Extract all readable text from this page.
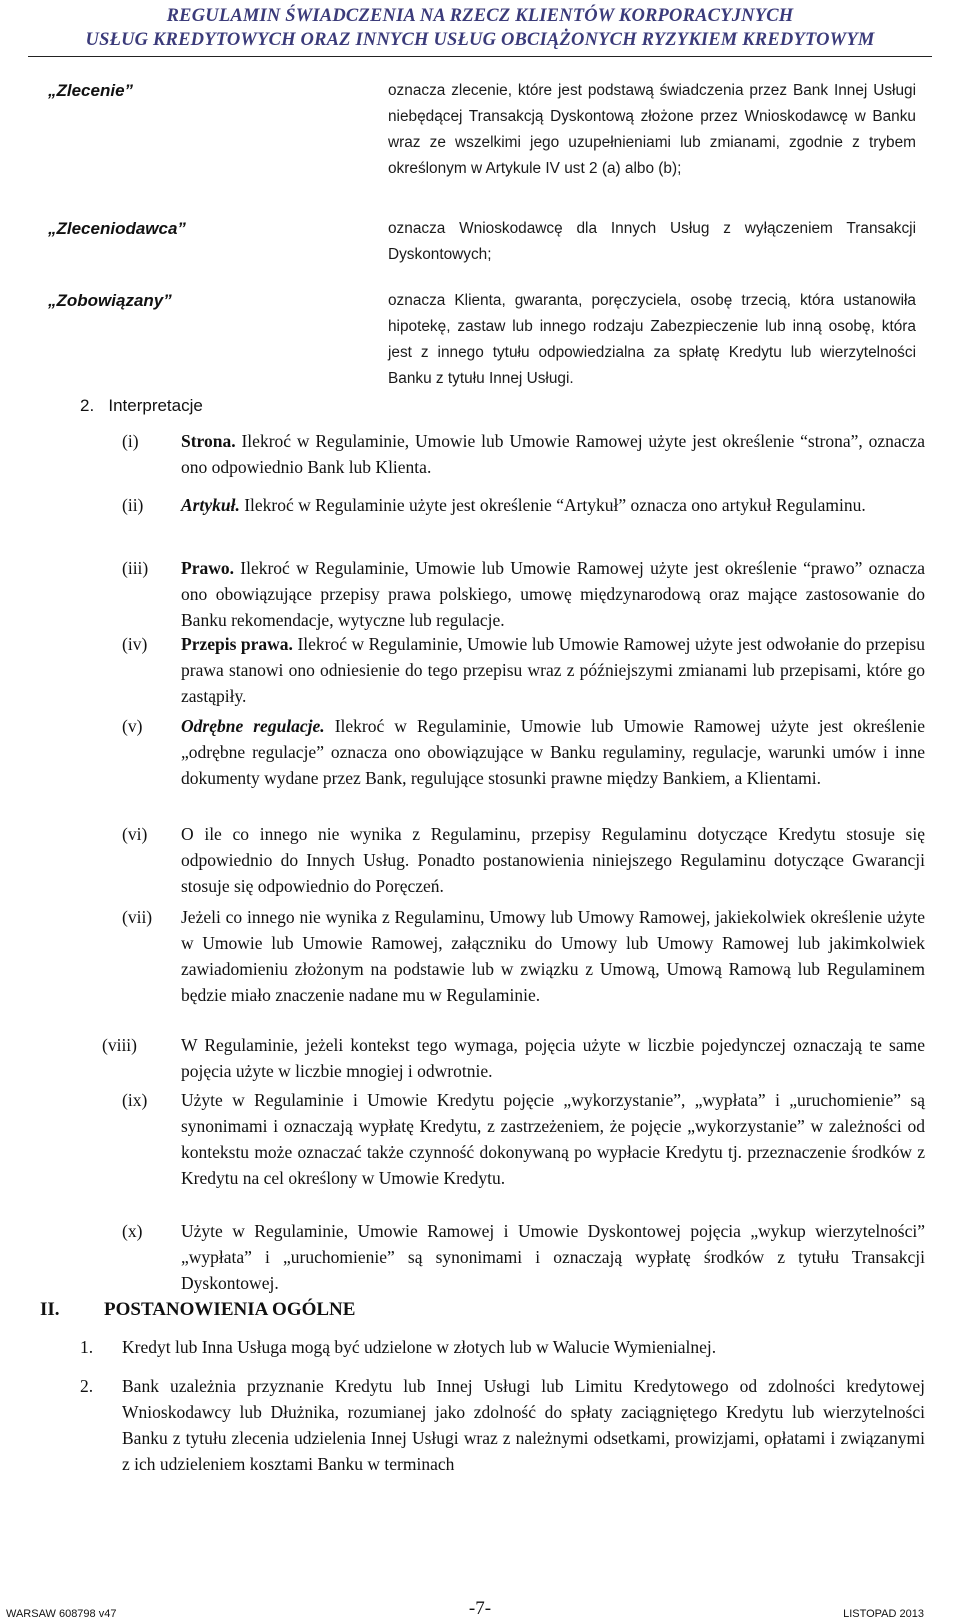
REGULAMIN ŚWIADCZENIA NA RZECZ KLIENTÓW KORPORACYJNYCH
USŁUG KREDYTOWYCH ORAZ INNYCH USŁUG OBCIĄŻONYCH RYZYKIEM KREDYTOWYM
„Zlecenie”	oznacza zlecenie, które jest podstawą świadczenia przez Bank Innej Usługi niebędącej Transakcją Dyskontową złożone przez Wnioskodawcę w Banku wraz ze wszelkimi jego uzupełnieniami lub zmianami, zgodnie z trybem określonym w Artykule IV ust 2 (a) albo (b);
„Zleceniodawca”	oznacza Wnioskodawcę dla Innych Usług z wyłączeniem Transakcji Dyskontowych;
„Zobowiązany”	oznacza Klienta, gwaranta, poręczyciela, osobę trzecią, która ustanowiła hipotekę, zastaw lub innego rodzaju Zabezpieczenie lub inną osobę, która jest z innego tytułu odpowiedzialna za spłatę Kredytu lub wierzytelności Banku z tytułu Innej Usługi.
2.   Interpretacje
(i) Strona. Ilekroć w Regulaminie, Umowie lub Umowie Ramowej użyte jest określenie “strona”, oznacza ono odpowiednio Bank lub Klienta.
(ii) Artykuł. Ilekroć w Regulaminie użyte jest określenie “Artykuł” oznacza ono artykuł Regulaminu.
(iii) Prawo. Ilekroć w Regulaminie, Umowie lub Umowie Ramowej użyte jest określenie “prawo” oznacza ono obowiązujące przepisy prawa polskiego, umowę międzynarodową oraz mające zastosowanie do Banku rekomendacje, wytyczne lub regulacje.
(iv) Przepis prawa. Ilekroć w Regulaminie, Umowie lub Umowie Ramowej użyte jest odwołanie do przepisu prawa stanowi ono odniesienie do tego przepisu wraz z późniejszymi zmianami lub przepisami, które go zastąpiły.
(v) Odrębne regulacje. Ilekroć w Regulaminie, Umowie lub Umowie Ramowej użyte jest określenie „odrębne regulacje” oznacza ono obowiązujące w Banku regulaminy, regulacje, warunki umów i inne dokumenty wydane przez Bank, regulujące stosunki prawne między Bankiem, a Klientami.
(vi) O ile co innego nie wynika z Regulaminu, przepisy Regulaminu dotyczące Kredytu stosuje się odpowiednio do Innych Usług. Ponadto postanowienia niniejszego Regulaminu dotyczące Gwarancji stosuje się odpowiednio do Poręczeń.
(vii) Jeżeli co innego nie wynika z Regulaminu, Umowy lub Umowy Ramowej, jakiekolwiek określenie użyte w Umowie lub Umowie Ramowej, załączniku do Umowy lub Umowy Ramowej lub jakimkolwiek zawiadomieniu złożonym na podstawie lub w związku z Umową, Umową Ramową lub Regulaminem będzie miało znaczenie nadane mu w Regulaminie.
(viii)	W Regulaminie, jeżeli kontekst tego wymaga, pojęcia użyte w liczbie pojedynczej oznaczają te same pojęcia użyte w liczbie mnogiej i odwrotnie.
(ix) Użyte w Regulaminie i Umowie Kredytu pojęcie „wykorzystanie”, „wypłata” i „uruchomienie” są synonimami i oznaczają wypłatę Kredytu, z zastrzeżeniem, że pojęcie „wykorzystanie” w zależności od kontekstu może oznaczać także czynność dokonywaną po wypłacie Kredytu tj. przeznaczenie środków z Kredytu na cel określony w Umowie Kredytu.
(x) Użyte w Regulaminie, Umowie Ramowej i Umowie Dyskontowej pojęcia „wykup wierzytelności” „wypłata” i „uruchomienie” są synonimami i oznaczają wypłatę środków z tytułu Transakcji Dyskontowej.
II. POSTANOWIENIA OGÓLNE
1. Kredyt lub Inna Usługa mogą być udzielone w złotych lub w Walucie Wymienialnej.
2. Bank uzależnia przyznanie Kredytu lub Innej Usługi lub Limitu Kredytowego od zdolności kredytowej Wnioskodawcy lub Dłużnika, rozumianej jako zdolność do spłaty zaciągniętego Kredytu lub wierzytelności Banku z tytułu zlecenia udzielenia Innej Usługi wraz z należnymi odsetkami, prowizjami, opłatami i związanymi z ich udzieleniem kosztami Banku w terminach
WARSAW 608798 v47	-7-	LISTOPAD 2013
